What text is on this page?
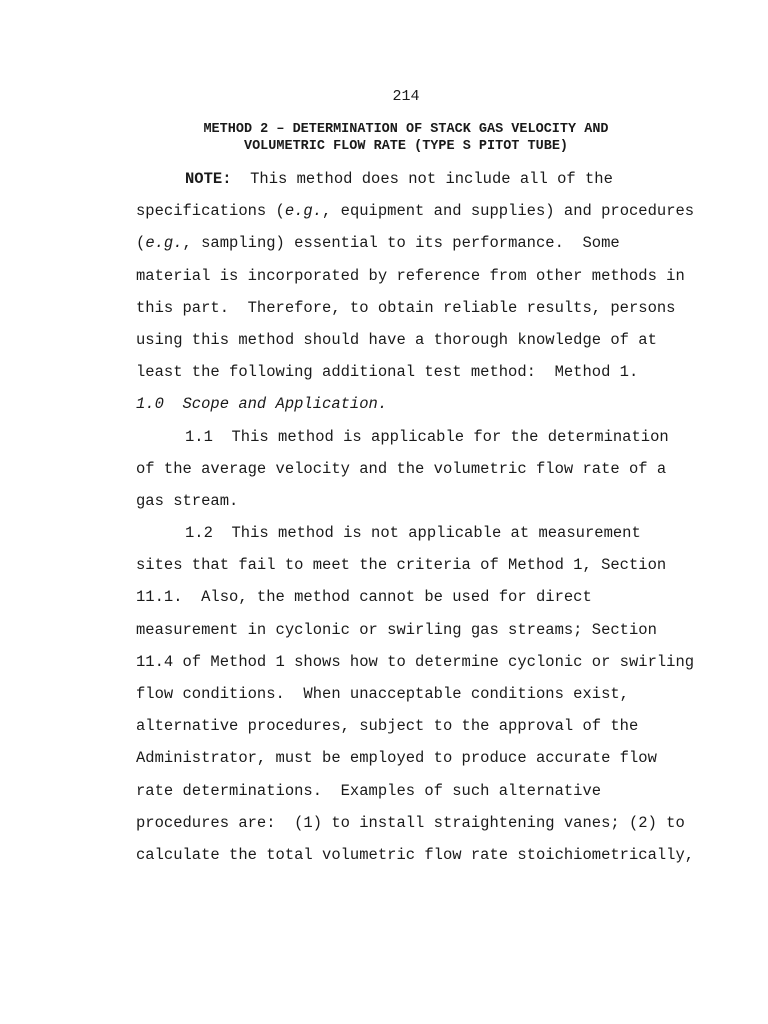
214
METHOD 2 – DETERMINATION OF STACK GAS VELOCITY AND
VOLUMETRIC FLOW RATE (TYPE S PITOT TUBE)
NOTE:  This method does not include all of the
specifications (e.g., equipment and supplies) and procedures
(e.g., sampling) essential to its performance.  Some
material is incorporated by reference from other methods in
this part.  Therefore, to obtain reliable results, persons
using this method should have a thorough knowledge of at
least the following additional test method:  Method 1.
1.0  Scope and Application.
1.1  This method is applicable for the determination
of the average velocity and the volumetric flow rate of a
gas stream.
1.2  This method is not applicable at measurement
sites that fail to meet the criteria of Method 1, Section
11.1.  Also, the method cannot be used for direct
measurement in cyclonic or swirling gas streams; Section
11.4 of Method 1 shows how to determine cyclonic or swirling
flow conditions.  When unacceptable conditions exist,
alternative procedures, subject to the approval of the
Administrator, must be employed to produce accurate flow
rate determinations.  Examples of such alternative
procedures are:  (1) to install straightening vanes; (2) to
calculate the total volumetric flow rate stoichiometrically,
